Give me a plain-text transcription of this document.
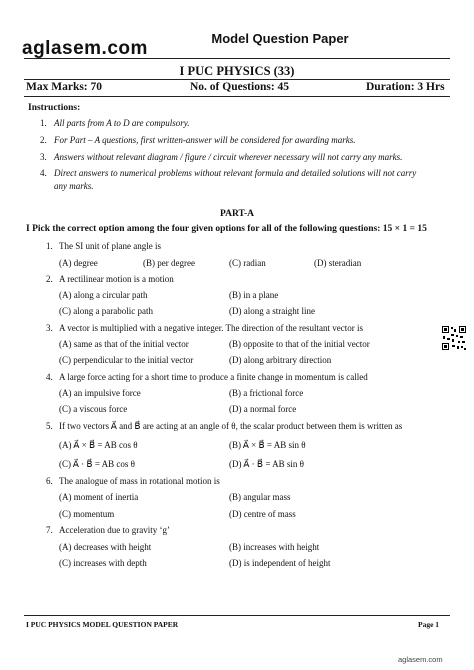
aglasem.com	Model Question Paper
I PUC PHYSICS (33)
Max Marks: 70	No. of Questions: 45	Duration: 3 Hrs
Instructions:
1. All parts from A to D are compulsory.
2. For Part – A questions, first written-answer will be considered for awarding marks.
3. Answers without relevant diagram / figure / circuit wherever necessary will not carry any marks.
4. Direct answers to numerical problems without relevant formula and detailed solutions will not carry
any marks.
PART-A
I Pick the correct option among the four given options for all of the following questions: 15 × 1 = 15
1. The SI unit of plane angle is
(A) degree	(B) per degree	(C) radian	(D) steradian
2. A rectilinear motion is a motion
(A) along a circular path	(B) in a plane
(C) along a parabolic path	(D) along a straight line
3. A vector is multiplied with a negative integer. The direction of the resultant vector is
(A) same as that of the initial vector	(B) opposite to that of the initial vector
(C) perpendicular to the initial vector	(D) along arbitrary direction
4. A large force acting for a short time to produce a finite change in momentum is called
(A) an impulsive force	(B) a frictional force
(C) a viscous force	(D) a normal force
5. If two vectors A⃗ and B⃗ are acting at an angle of θ, the scalar product between them is written as
(A) A⃗ × B⃗ = AB cos θ	(B) A⃗ × B⃗ = AB sin θ
(C) A⃗ · B⃗ = AB cos θ	(D) A⃗ · B⃗ = AB sin θ
6. The analogue of mass in rotational motion is
(A) moment of inertia	(B) angular mass
(C) momentum	(D) centre of mass
7. Acceleration due to gravity ‘g’
(A) decreases with height	(B) increases with height
(C) increases with depth	(D) is independent of height
I PUC PHYSICS MODEL QUESTION PAPER	Page 1
aglasem.com
